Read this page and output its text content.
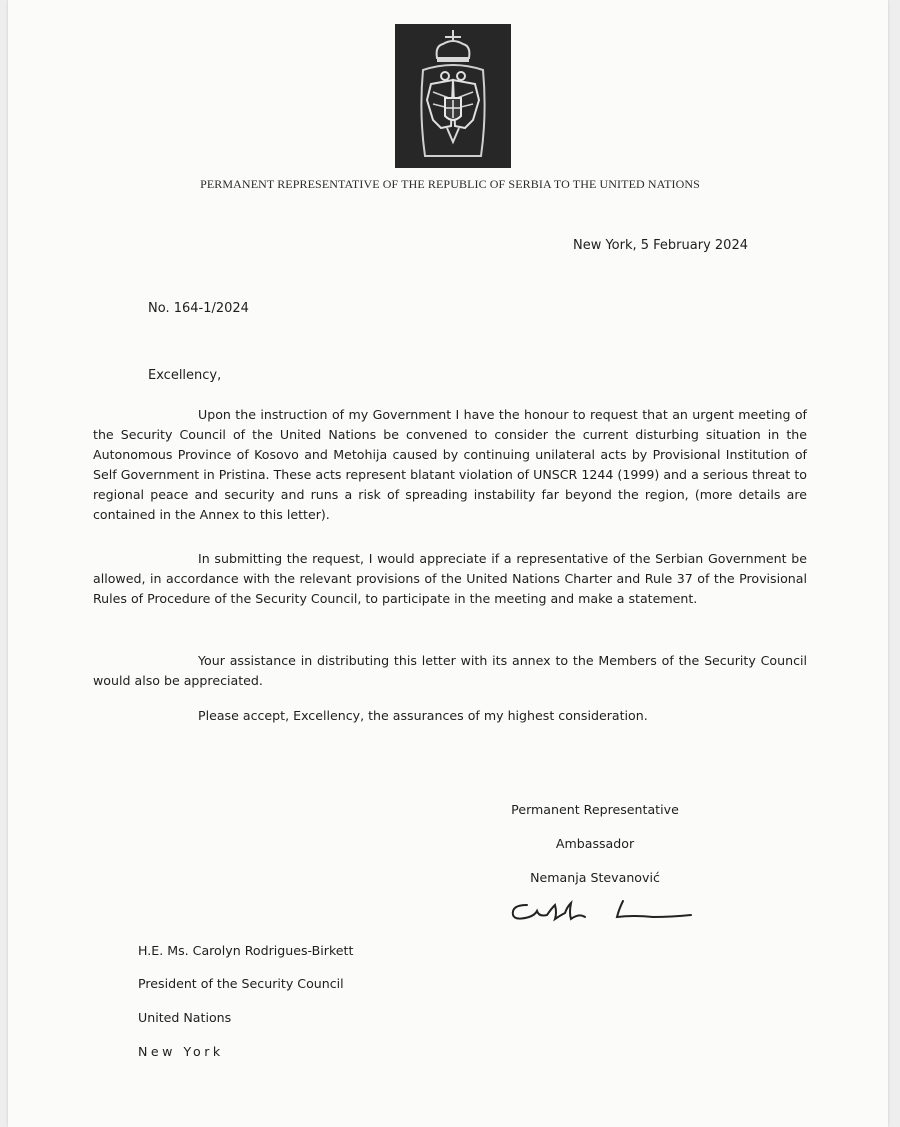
PERMANENT REPRESENTATIVE OF THE REPUBLIC OF SERBIA TO THE UNITED NATIONS
New York, 5 February 2024
No. 164-1/2024
Excellency,
Upon the instruction of my Government I have the honour to request that an urgent meeting of the Security Council of the United Nations be convened to consider the current disturbing situation in the Autonomous Province of Kosovo and Metohija caused by continuing unilateral acts by Provisional Institution of Self Government in Pristina. These acts represent blatant violation of UNSCR 1244 (1999) and a serious threat to regional peace and security and runs a risk of spreading instability far beyond the region, (more details are contained in the Annex to this letter).
In submitting the request, I would appreciate if a representative of the Serbian Government be allowed, in accordance with the relevant provisions of the United Nations Charter and Rule 37 of the Provisional Rules of Procedure of the Security Council, to participate in the meeting and make a statement.
Your assistance in distributing this letter with its annex to the Members of the Security Council would also be appreciated.
Please accept, Excellency, the assurances of my highest consideration.
Permanent Representative
Ambassador
Nemanja Stevanović
H.E. Ms. Carolyn Rodrigues-Birkett
President of the Security Council
United Nations
New York
